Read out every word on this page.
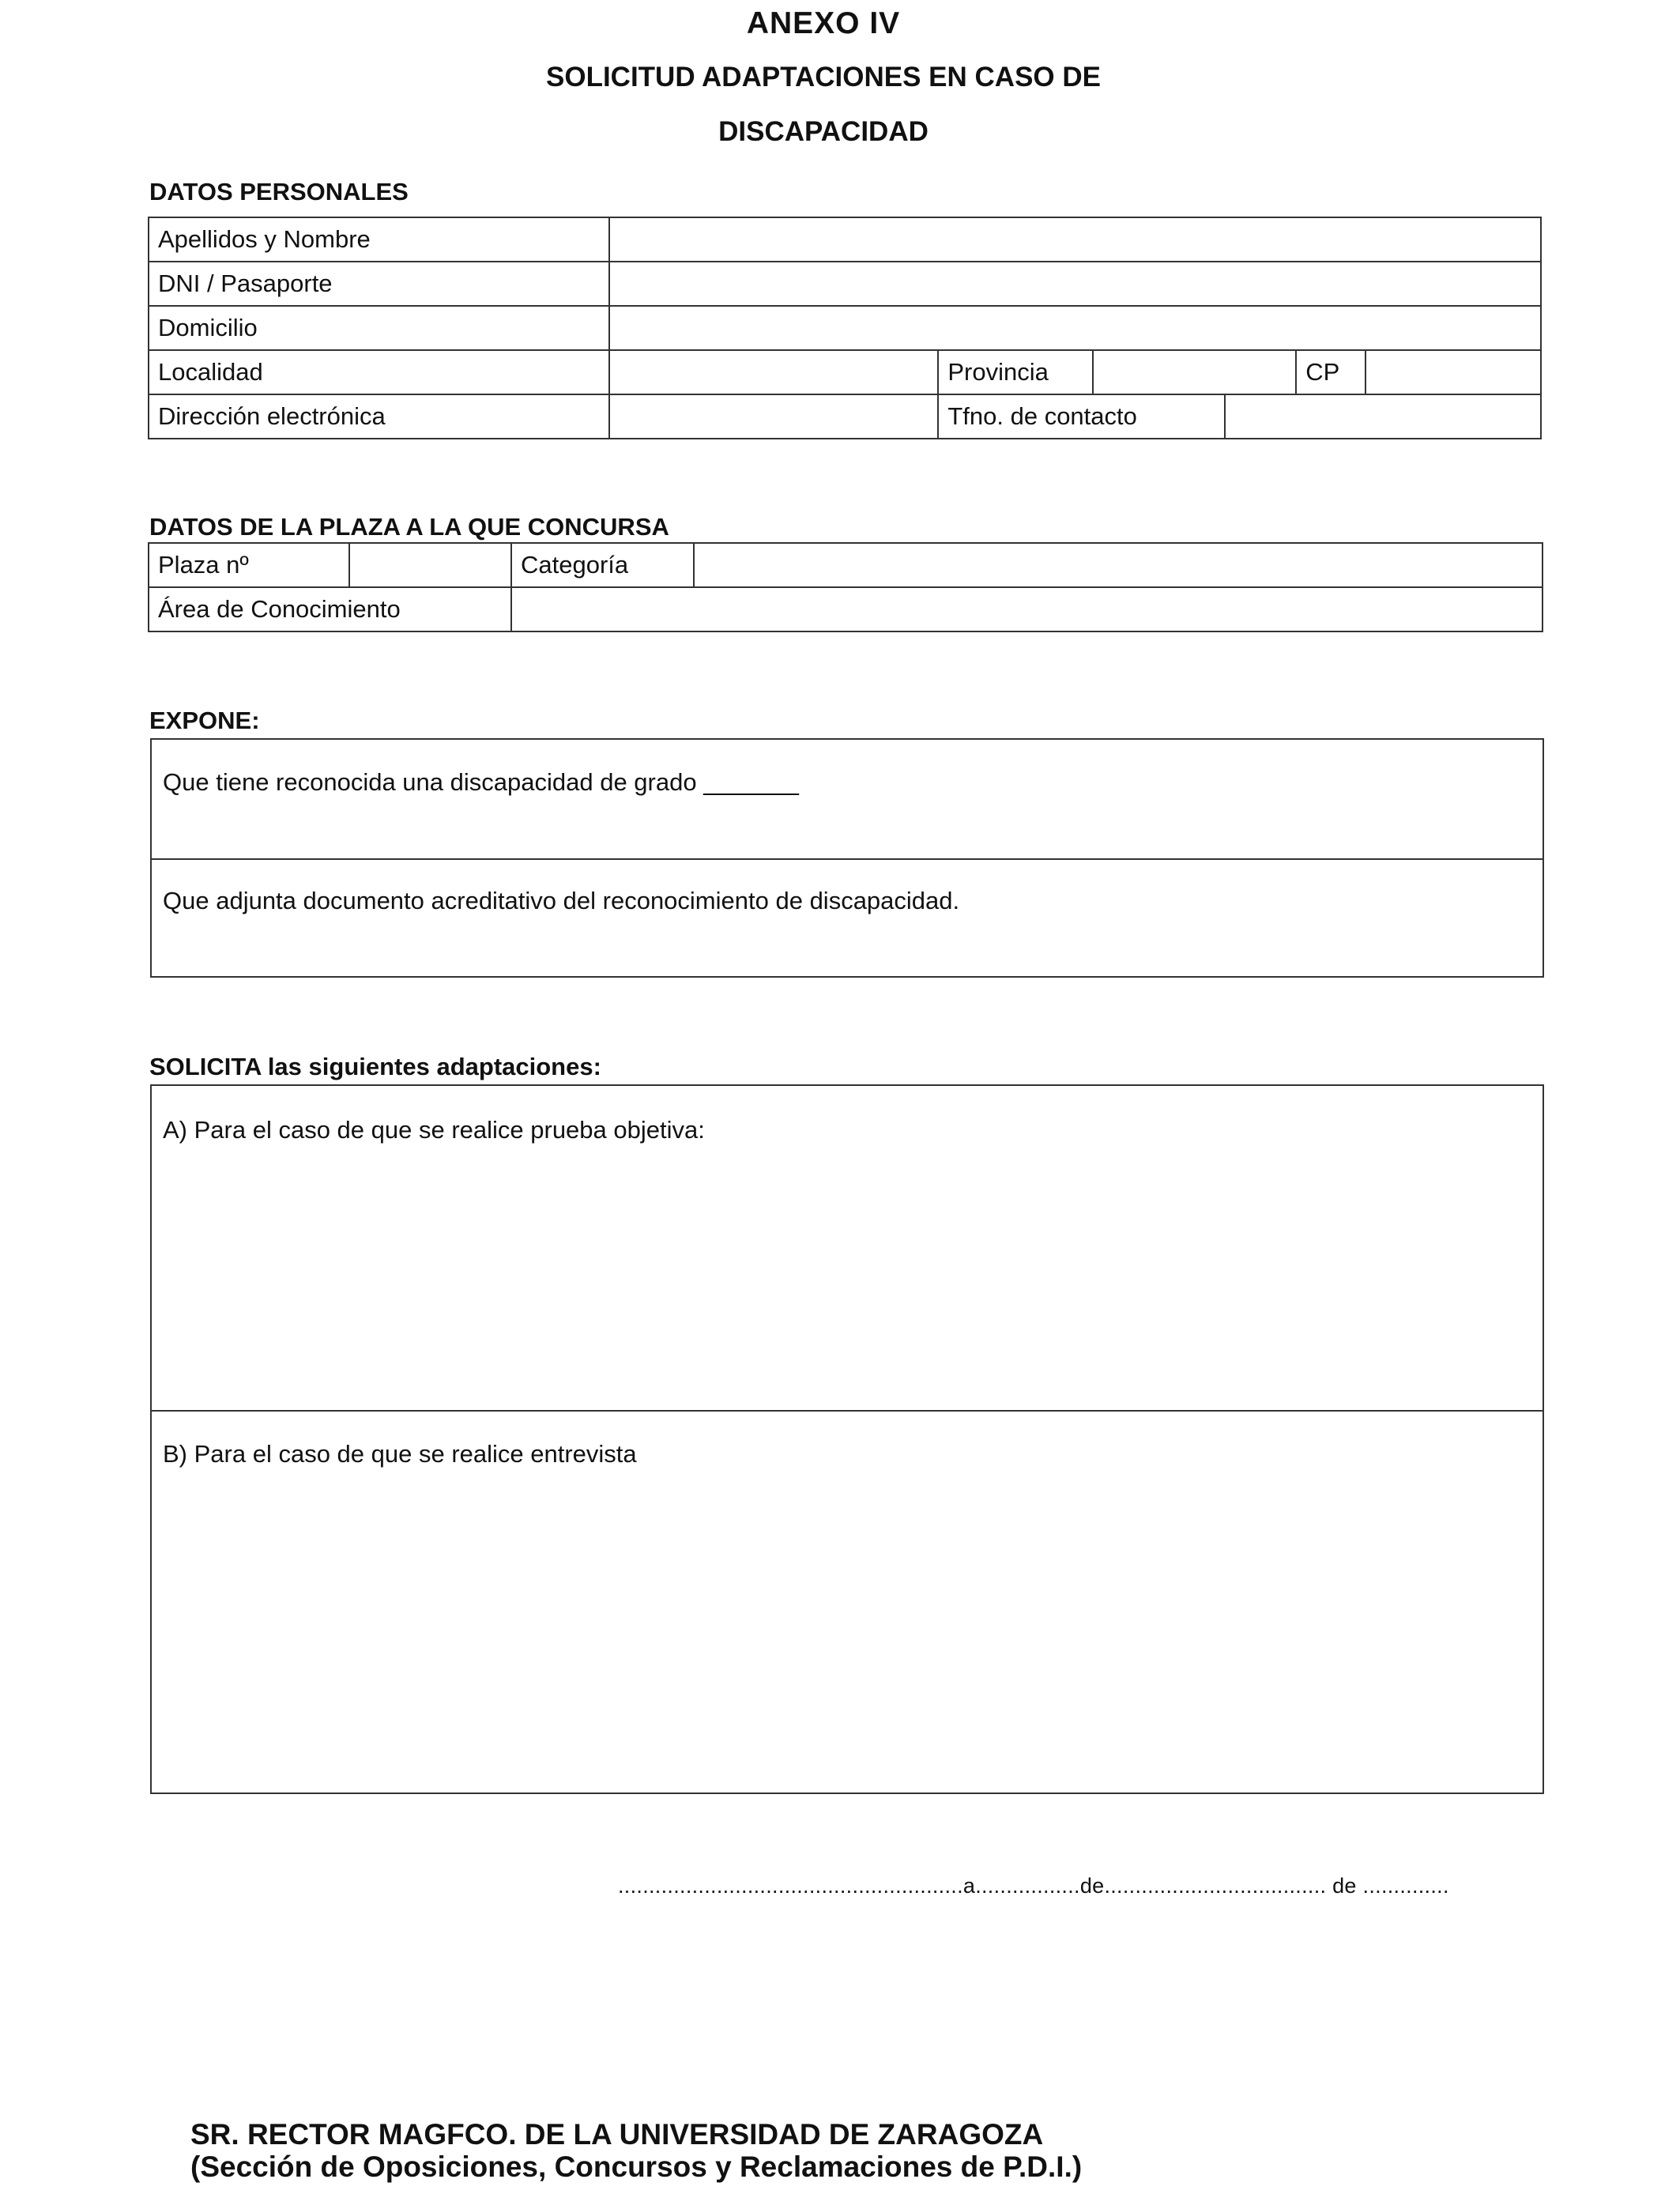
ANEXO IV
SOLICITUD ADAPTACIONES EN CASO DE
DISCAPACIDAD
DATOS PERSONALES
Apellidos y Nombre						
DNI / Pasaporte						
Domicilio						
Localidad		Provincia			CP	
Dirección electrónica		Tfno. de contacto				
DATOS DE LA PLAZA A LA QUE CONCURSA
Plaza nº		Categoría	
Área de Conocimiento			
EXPONE:
Que tiene reconocida una discapacidad de grado _______
Que adjunta documento acreditativo del reconocimiento de discapacidad.
SOLICITA las siguientes adaptaciones:
A) Para el caso de que se realice prueba objetiva:
B) Para el caso de que se realice entrevista
........................................................a.................de.................................... de ..............
SR. RECTOR MAGFCO. DE LA UNIVERSIDAD DE ZARAGOZA
(Sección de Oposiciones, Concursos y Reclamaciones de P.D.I.)
